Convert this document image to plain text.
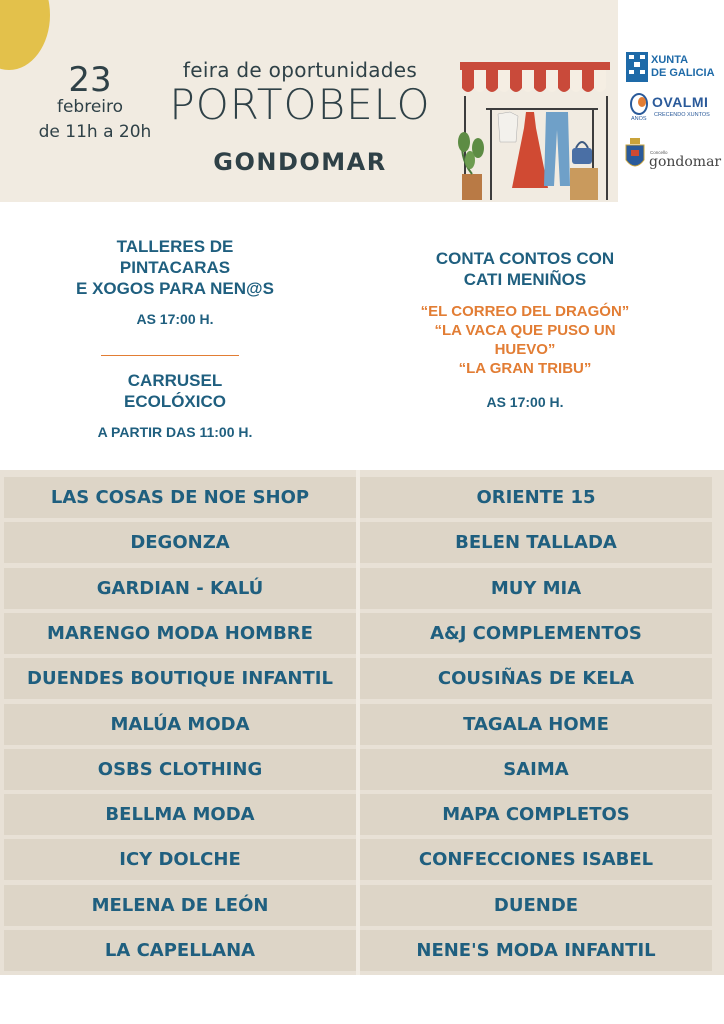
23
febreiro
de 11h a 20h
feira de oportunidades
PORTOBELO
GONDOMAR
XUNTA
DE GALICIA
ANOS
OVALMI
CRECENDO XUNTOS
Concello
gondomar
TALLERES DE
PINTACARAS
E XOGOS PARA NEN@S
AS 17:00 H.
CARRUSEL
ECOLÓXICO
A PARTIR DAS 11:00 H.
CONTA CONTOS CON
CATI MENIÑOS
“EL CORREO DEL DRAGÓN”
“LA VACA QUE PUSO UN
HUEVO”
“LA GRAN TRIBU”
AS 17:00 H.
LAS COSAS DE NOE SHOP
DEGONZA
GARDIAN - KALÚ
MARENGO MODA HOMBRE
DUENDES BOUTIQUE INFANTIL
MALÚA MODA
OSBS CLOTHING
BELLMA MODA
ICY DOLCHE
MELENA DE LEÓN
LA CAPELLANA
ORIENTE 15
BELEN TALLADA
MUY MIA
A&J COMPLEMENTOS
COUSIÑAS DE KELA
TAGALA HOME
SAIMA
MAPA COMPLETOS
CONFECCIONES ISABEL
DUENDE
NENE'S MODA INFANTIL
